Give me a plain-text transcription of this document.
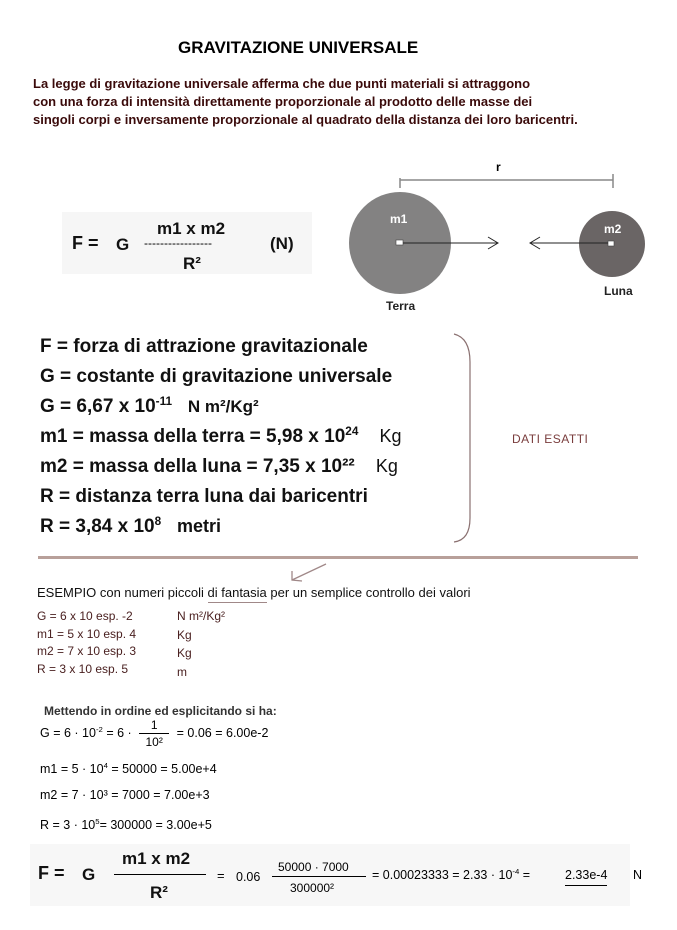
GRAVITAZIONE UNIVERSALE
La legge di gravitazione universale afferma che due punti materiali si attraggono
con una forza di intensità direttamente proporzionale al prodotto delle masse dei
singoli corpi e inversamente proporzionale al quadrato della distanza dei loro baricentri.
F = G
m1 x m2
-----------------
R²
(N)
r
m1
Terra
m2
Luna
F = forza di attrazione gravitazionale
G = costante di gravitazione universale
G = 6,67 x $10^{-11}$ N m²/Kg²
m1 = massa della terra = 5,98 x $10^{24}$ Kg
m2 = massa della luna = 7,35 x 10²² Kg
R = distanza terra luna dai baricentri
R = 3,84 x $10^8$ metri
DATI ESATTI
ESEMPIO con numeri piccoli di fantasia per un semplice controllo dei valori
G = 6 x 10 esp. -2	N m²/Kg²
m1 = 5 x 10 esp. 4	Kg
m2 = 7 x 10 esp. 3	Kg
R = 3 x 10 esp. 5	m
Mettendo in ordine ed esplicitando si ha:
$G = 6 \cdot 10^{-2} = 6 \cdot \frac{1}{\text{10²}} = 0.06 = 6.00e-2$
$m1 = 5 \cdot 10^4 = 50000 = 5.00e+4$
m2 = 7 · 10³ = 7000 = 7.00e+3
$R = 3 \cdot 10^5= 300000 = 3.00e+5$
F = G
m1 x m2
R²
= 0.06
50000 · 7000
300000²
= $0.00023333 = 2.33 \cdot 10^{-4}$ =	2.33e-4 N
